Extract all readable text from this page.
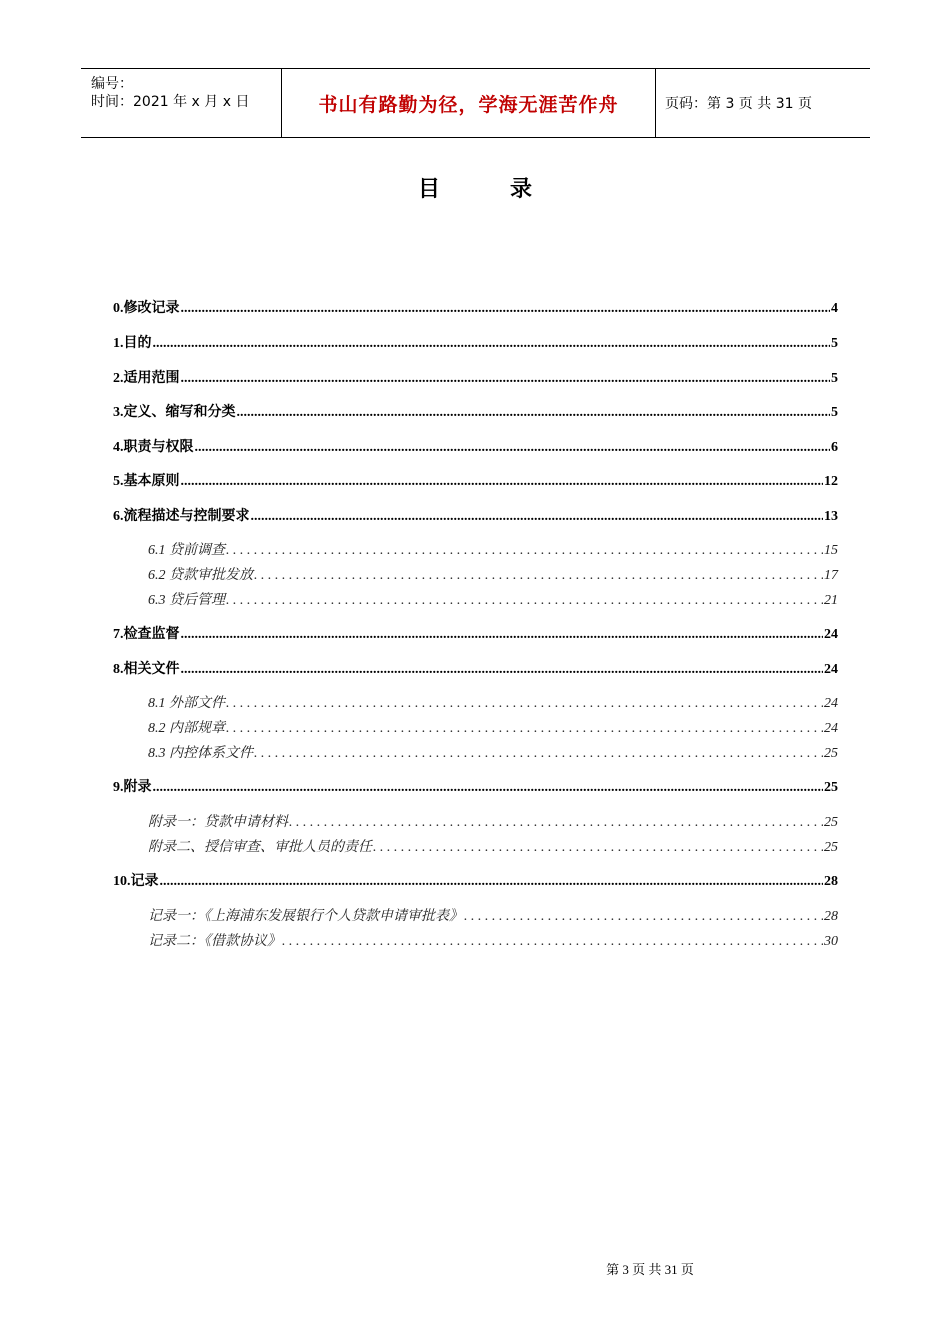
编号：
时间：2021 年 x 月 x 日	书山有路勤为径，学海无涯苦作舟	页码：第 3 页 共 31 页
目录
0.修改记录 .....	4
1.目的 .....	5
2.适用范围 .....	5
3.定义、缩写和分类 .....	5
4.职责与权限 .....	6
5.基本原则 .....	12
6.流程描述与控制要求 .....	13
6.1 贷前调查 . . .	15
6.2 贷款审批发放 . . .	17
6.3 贷后管理 . . .	21
7.检查监督 .....	24
8.相关文件 .....	24
8.1 外部文件 . . .	24
8.2 内部规章 . . .	24
8.3 内控体系文件 . . .	25
9.附录 .....	25
附录一：贷款申请材料 . . .	25
附录二、授信审查、审批人员的责任 . . .	25
10.记录 .....	28
记录一：《上海浦东发展银行个人贷款申请审批表》 . . .	28
记录二：《借款协议》 . . .	30
第 3 页 共 31 页
